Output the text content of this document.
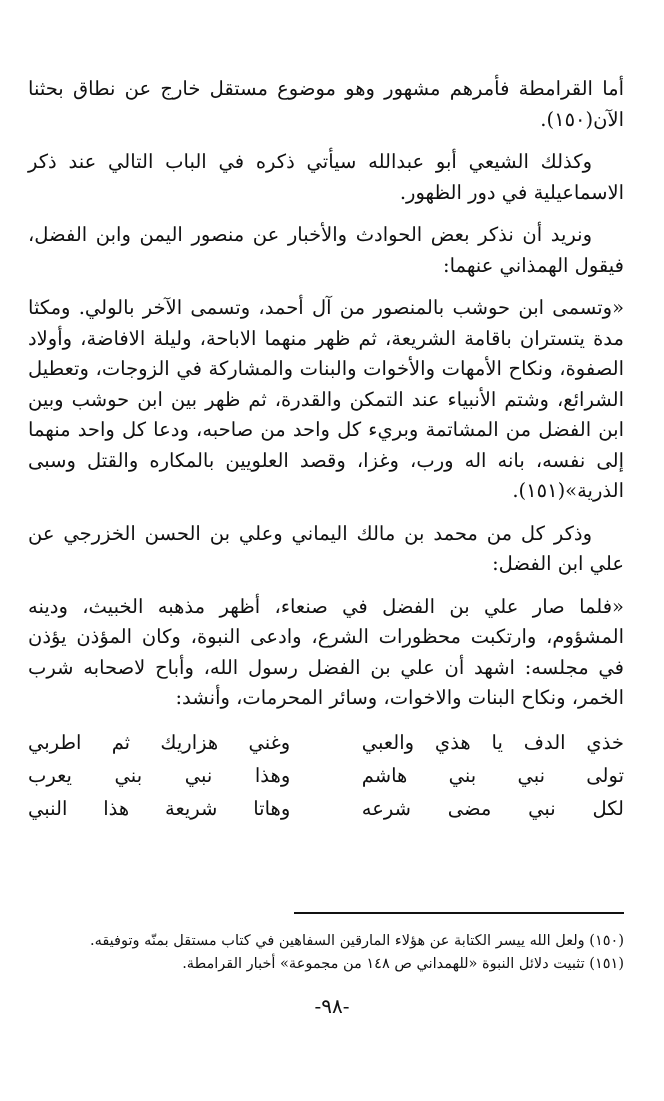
أما القرامطة فأمرهم مشهور وهو موضوع مستقل خارج عن نطاق بحثنا الآن(١٥٠).

وكذلك الشيعي أبو عبدالله سيأتي ذكره في الباب التالي عند ذكر الاسماعيلية في دور الظهور.

ونريد أن نذكر بعض الحوادث والأخبار عن منصور اليمن وابن الفضل، فيقول الهمذاني عنهما:

«وتسمى ابن حوشب بالمنصور من آل أحمد، وتسمى الآخر بالولي. ومكثا مدة يتستران باقامة الشريعة، ثم ظهر منهما الاباحة، وليلة الافاضة، وأولاد الصفوة، ونكاح الأمهات والأخوات والبنات والمشاركة في الزوجات، وتعطيل الشرائع، وشتم الأنبياء عند التمكن والقدرة، ثم ظهر بين ابن حوشب وبين ابن الفضل من المشاتمة وبريء كل واحد من صاحبه، ودعا كل واحد منهما إلى نفسه، بانه اله ورب، وغزا، وقصد العلويين بالمكاره والقتل وسبى الذرية»(١٥١).

وذكر كل من محمد بن مالك اليماني وعلي بن الحسن الخزرجي عن علي ابن الفضل:

«فلما صار علي بن الفضل في صنعاء، أظهر مذهبه الخبيث، ودينه المشؤوم، وارتكبت محظورات الشرع، وادعى النبوة، وكان المؤذن يؤذن في مجلسه: اشهد أن علي بن الفضل رسول الله، وأباح لاصحابه شرب الخمر، ونكاح البنات والاخوات، وسائر المحرمات، وأنشد:

خذي الدف يا هذي والعبي
وغني هزاريك ثم اطربي
تولى نبي بني هاشم
وهذا نبي بني يعرب
لكل نبي مضى شرعه
وهاتا شريعة هذا النبي

(١٥٠) ولعل الله ييسر الكتابة عن هؤلاء المارقين السفاهين في كتاب مستقل بمنّه وتوفيقه.

(١٥١) تثبيت دلائل النبوة «للهمداني ص ١٤٨ من مجموعة» أخبار القرامطة.

-٩٨-
